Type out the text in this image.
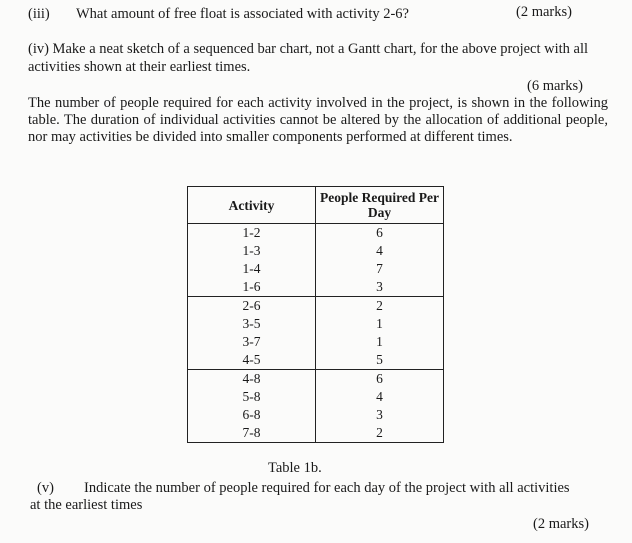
(iii) What amount of free float is associated with activity 2-6?	(2 marks)
(iv) Make a neat sketch of a sequenced bar chart, not a Gantt chart, for the above project with all activities shown at their earliest times.
(6 marks)
The number of people required for each activity involved in the project, is shown in the following table. The duration of individual activities cannot be altered by the allocation of additional people, nor may activities be divided into smaller components performed at different times.
Activity	People Required Per Day
1-2	6
1-3	4
1-4	7
1-6	3
2-6	2
3-5	1
3-7	1
4-5	5
4-8	6
5-8	4
6-8	3
7-8	2
Table 1b.
(v) Indicate the number of people required for each day of the project with all activities
at the earliest times
(2 marks)
